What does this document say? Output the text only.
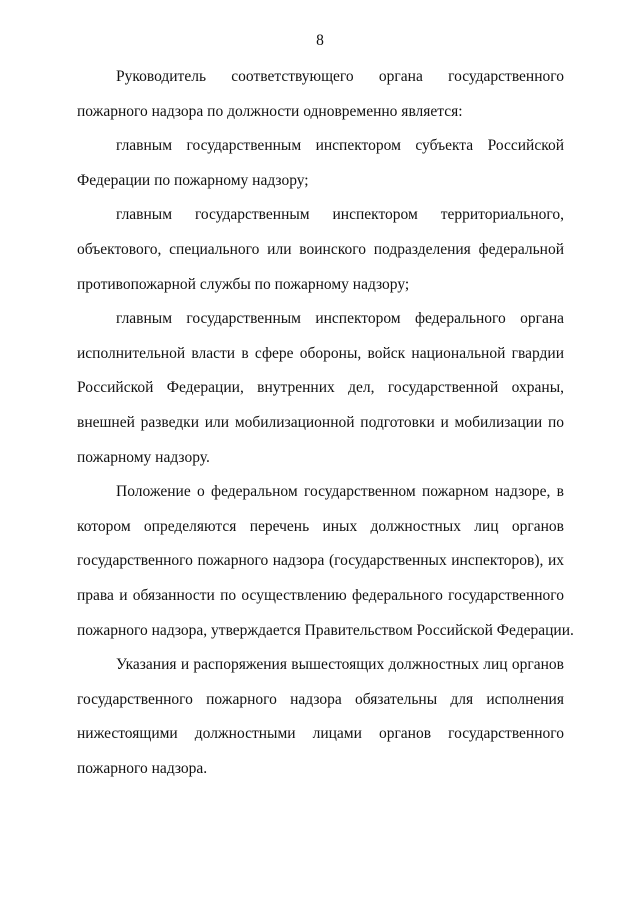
8
Руководитель соответствующего органа государственного
пожарного надзора по должности одновременно является:
главным государственным инспектором субъекта Российской
Федерации по пожарному надзору;
главным государственным инспектором территориального,
объектового, специального или воинского подразделения федеральной
противопожарной службы по пожарному надзору;
главным государственным инспектором федерального органа
исполнительной власти в сфере обороны, войск национальной гвардии
Российской Федерации, внутренних дел, государственной охраны,
внешней разведки или мобилизационной подготовки и мобилизации по
пожарному надзору.
Положение о федеральном государственном пожарном надзоре, в
котором определяются перечень иных должностных лиц органов
государственного пожарного надзора (государственных инспекторов), их
права и обязанности по осуществлению федерального государственного
пожарного надзора, утверждается Правительством Российской Федерации.
Указания и распоряжения вышестоящих должностных лиц органов
государственного пожарного надзора обязательны для исполнения
нижестоящими должностными лицами органов государственного
пожарного надзора.
